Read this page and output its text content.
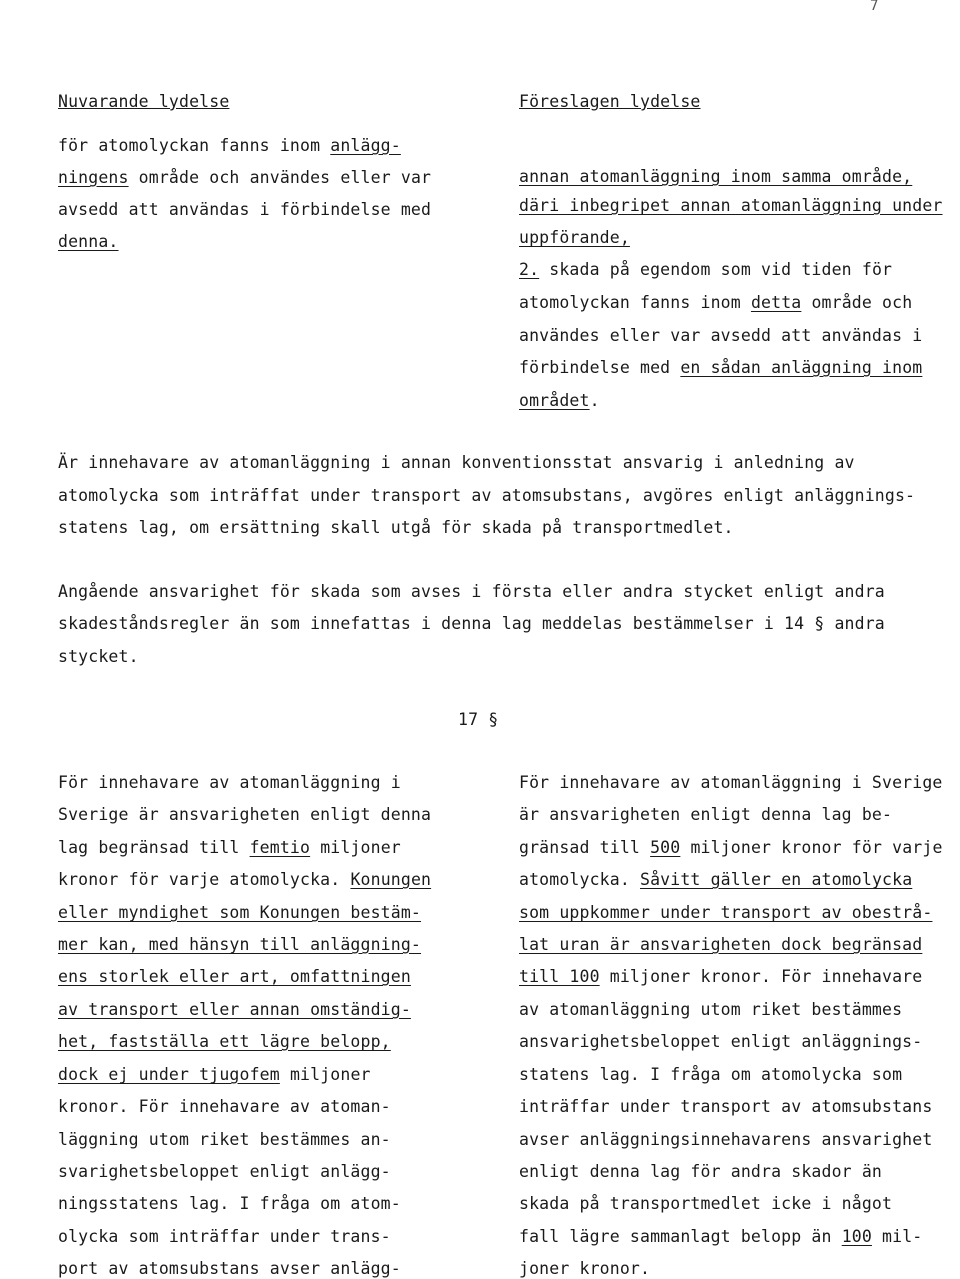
7
Nuvarande lydelse	Föreslagen lydelse
för atomolyckan fanns inom anlägg-
ningens område och användes eller var
avsedd att användas i förbindelse med
denna.
annan atomanläggning inom samma område,
däri inbegripet annan atomanläggning under
uppförande,
2. skada på egendom som vid tiden för
atomolyckan fanns inom detta område och
användes eller var avsedd att användas i
förbindelse med en sådan anläggning inom
området.
Är innehavare av atomanläggning i annan konventionsstat ansvarig i anledning av
atomolycka som inträffat under transport av atomsubstans, avgöres enligt anläggnings-
statens lag, om ersättning skall utgå för skada på transportmedlet.
Angående ansvarighet för skada som avses i första eller andra stycket enligt andra
skadeståndsregler än som innefattas i denna lag meddelas bestämmelser i 14 § andra
stycket.
17 §
För innehavare av atomanläggning i
Sverige är ansvarigheten enligt denna
lag begränsad till femtio miljoner
kronor för varje atomolycka. Konungen
eller myndighet som Konungen bestäm-
mer kan, med hänsyn till anläggning-
ens storlek eller art, omfattningen
av transport eller annan omständig-
het, fastställa ett lägre belopp,
dock ej under tjugofem miljoner
kronor. För innehavare av atoman-
läggning utom riket bestämmes an-
svarighetsbeloppet enligt anlägg-
ningsstatens lag. I fråga om atom-
olycka som inträffar under trans-
port av atomsubstans avser anlägg-
För innehavare av atomanläggning i Sverige
är ansvarigheten enligt denna lag be-
gränsad till 500 miljoner kronor för varje
atomolycka. Såvitt gäller en atomolycka
som uppkommer under transport av obestrå-
lat uran är ansvarigheten dock begränsad
till 100 miljoner kronor. För innehavare
av atomanläggning utom riket bestämmes
ansvarighetsbeloppet enligt anläggnings-
statens lag. I fråga om atomolycka som
inträffar under transport av atomsubstans
avser anläggningsinnehavarens ansvarighet
enligt denna lag för andra skador än
skada på transportmedlet icke i något
fall lägre sammanlagt belopp än 100 mil-
joner kronor.
